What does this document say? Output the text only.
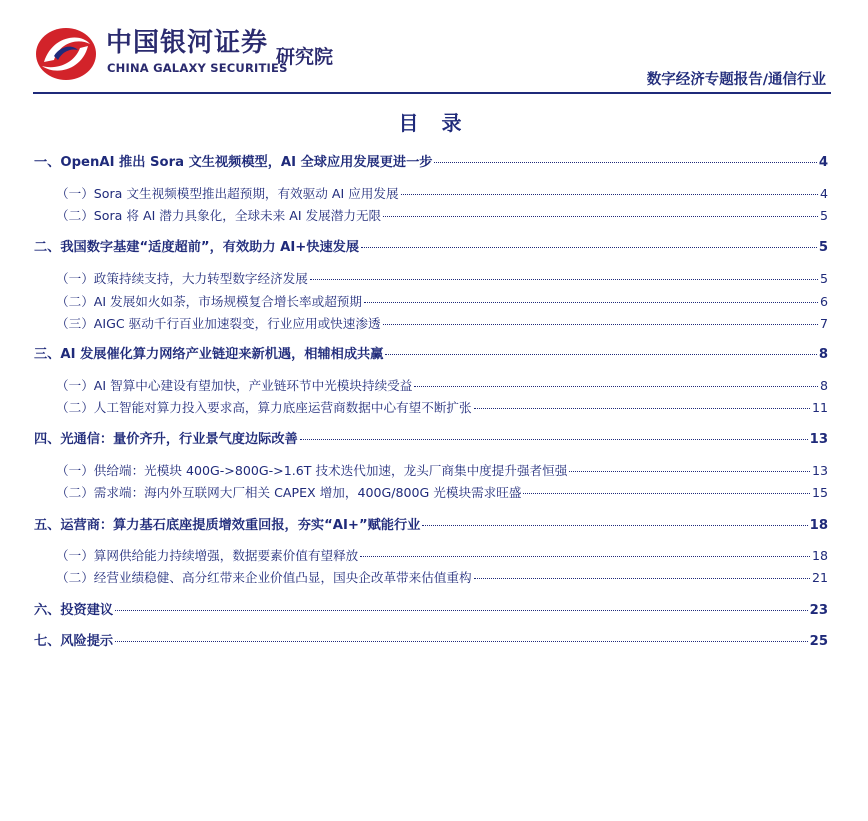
中国银河证券
CHINA GALAXY SECURITIES
研究院
数字经济专题报告/通信行业
目 录
一、OpenAI 推出 Sora 文生视频模型，AI 全球应用发展更进一步	4
（一）Sora 文生视频模型推出超预期，有效驱动 AI 应用发展	4
（二）Sora 将 AI 潜力具象化，全球未来 AI 发展潜力无限	5
二、我国数字基建“适度超前”，有效助力 AI+快速发展	5
（一）政策持续支持，大力转型数字经济发展	5
（二）AI 发展如火如荼，市场规模复合增长率或超预期	6
（三）AIGC 驱动千行百业加速裂变，行业应用或快速渗透	7
三、AI 发展催化算力网络产业链迎来新机遇，相辅相成共赢	8
（一）AI 智算中心建设有望加快，产业链环节中光模块持续受益	8
（二）人工智能对算力投入要求高，算力底座运营商数据中心有望不断扩张	11
四、光通信：量价齐升，行业景气度边际改善	13
（一）供给端：光模块 400G->800G->1.6T 技术迭代加速，龙头厂商集中度提升强者恒强	13
（二）需求端：海内外互联网大厂相关 CAPEX 增加，400G/800G 光模块需求旺盛	15
五、运营商：算力基石底座提质增效重回报，夯实“AI+”赋能行业	18
（一）算网供给能力持续增强，数据要素价值有望释放	18
（二）经营业绩稳健、高分红带来企业价值凸显，国央企改革带来估值重构	21
六、投资建议	23
七、风险提示	25
